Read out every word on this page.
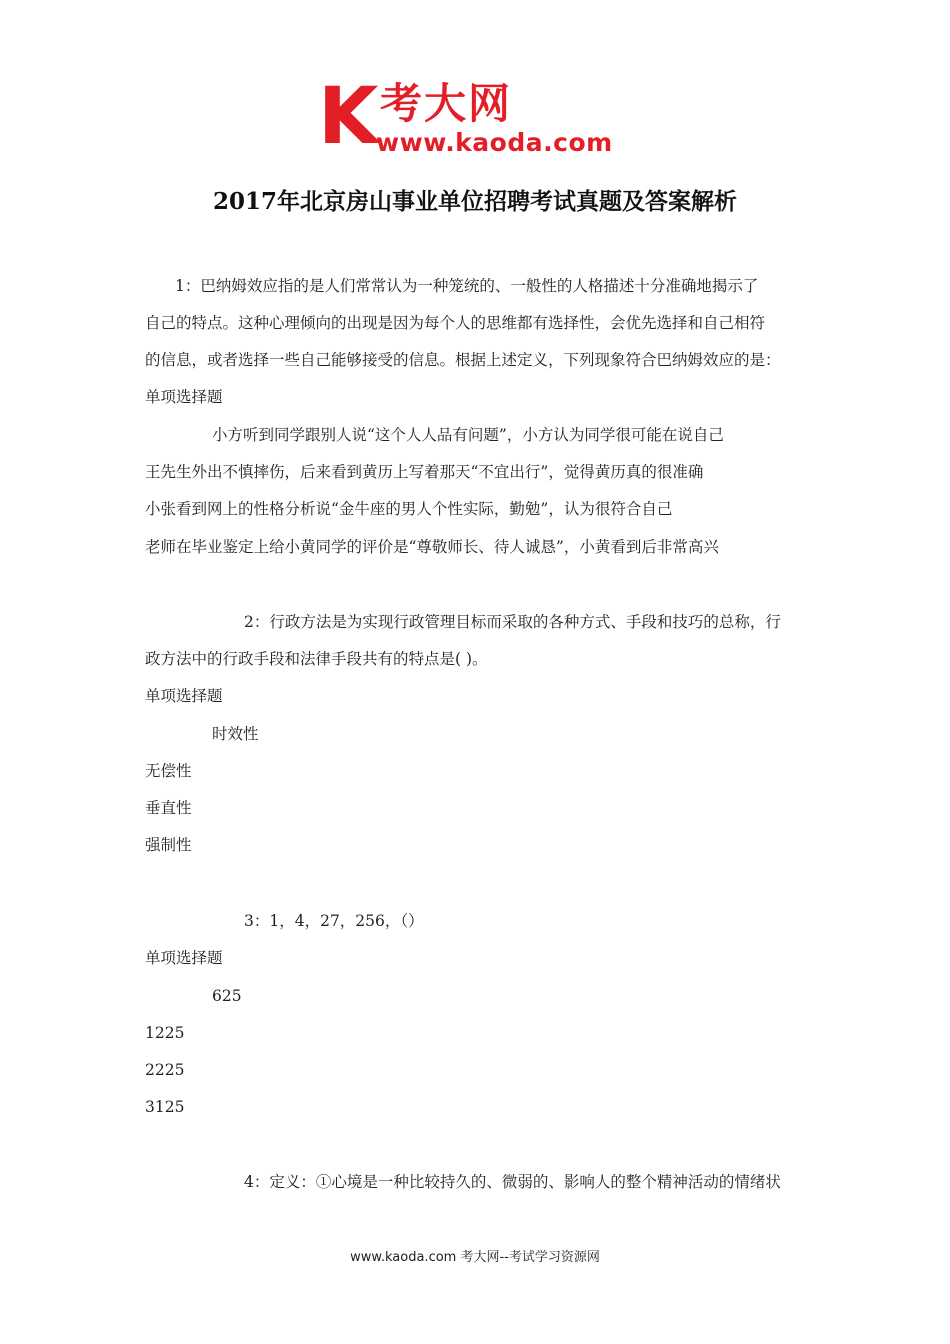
K 考大网
www.kaoda.com
2017年北京房山事业单位招聘考试真题及答案解析
1：巴纳姆效应指的是人们常常认为一种笼统的、一般性的人格描述十分准确地揭示了
自己的特点。这种心理倾向的出现是因为每个人的思维都有选择性，会优先选择和自己相符
的信息，或者选择一些自己能够接受的信息。根据上述定义，下列现象符合巴纳姆效应的是：
单项选择题
小方听到同学跟别人说“这个人人品有问题”，小方认为同学很可能在说自己
王先生外出不慎摔伤，后来看到黄历上写着那天“不宜出行”，觉得黄历真的很准确
小张看到网上的性格分析说“金牛座的男人个性实际，勤勉”，认为很符合自己
老师在毕业鉴定上给小黄同学的评价是“尊敬师长、待人诚恳”，小黄看到后非常高兴
2：行政方法是为实现行政管理目标而采取的各种方式、手段和技巧的总称，行
政方法中的行政手段和法律手段共有的特点是( )。
单项选择题
时效性
无偿性
垂直性
强制性
3：1，4，27，256，（）
单项选择题
625
1225
2225
3125
4：定义：①心境是一种比较持久的、微弱的、影响人的整个精神活动的情绪状
www.kaoda.com 考大网--考试学习资源网
